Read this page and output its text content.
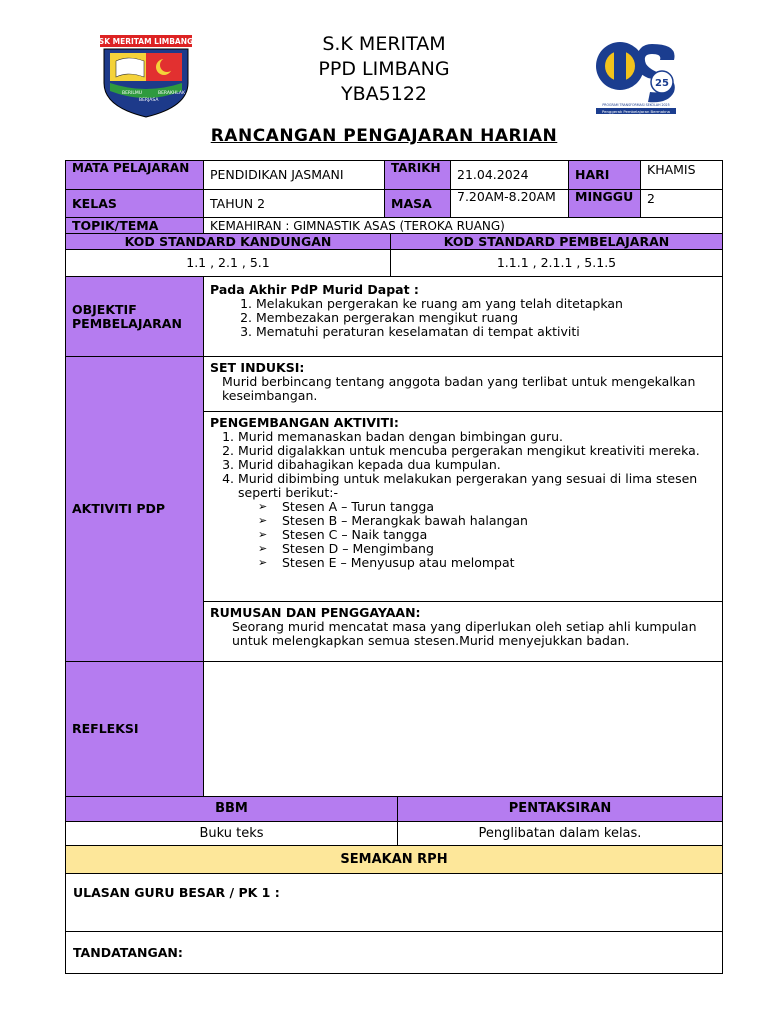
SK MERITAM LIMBANG
BERILMU
BERJASA
BERAKHLAK
S.K MERITAM
PPD LIMBANG
YBA5122	25
PROGRAM TRANSFORMASI SEKOLAH 2025
Penggerak Pembelajaran Bermakna
RANCANGAN PENGAJARAN HARIAN
MATA PELAJARAN	PENDIDIKAN JASMANI	TARIKH	21.04.2024	HARI	KHAMIS
KELAS	TAHUN 2	MASA	7.20AM-8.20AM	MINGGU	2
TOPIK/TEMA	KEMAHIRAN : GIMNASTIK ASAS (TEROKA RUANG)
KOD STANDARD KANDUNGAN	KOD STANDARD PEMBELAJARAN
1.1 , 2.1 , 5.1	1.1.1 , 2.1.1 , 5.1.5
OBJEKTIF PEMBELAJARAN
Pada Akhir PdP Murid Dapat :
1. Melakukan pergerakan ke ruang am yang telah ditetapkan
2. Membezakan pergerakan mengikut ruang
3. Mematuhi peraturan keselamatan di tempat aktiviti
AKTIVITI PDP
SET INDUKSI:
Murid berbincang tentang anggota badan yang terlibat untuk mengekalkan keseimbangan.
PENGEMBANGAN AKTIVITI:
1. Murid memanaskan badan dengan bimbingan guru.
2. Murid digalakkan untuk mencuba pergerakan mengikut kreativiti mereka.
3. Murid dibahagikan kepada dua kumpulan.
4. Murid dibimbing untuk melakukan pergerakan yang sesuai di lima stesen seperti berikut:-
➢ Stesen A – Turun tangga
➢ Stesen B – Merangkak bawah halangan
➢ Stesen C – Naik tangga
➢ Stesen D – Mengimbang
➢ Stesen E – Menyusup atau melompat
RUMUSAN DAN PENGGAYAAN:
Seorang murid mencatat masa yang diperlukan oleh setiap ahli kumpulan untuk melengkapkan semua stesen.Murid menyejukkan badan.
REFLEKSI
BBM	PENTAKSIRAN
Buku teks	Penglibatan dalam kelas.
SEMAKAN RPH
ULASAN GURU BESAR / PK 1 :
TANDATANGAN:
